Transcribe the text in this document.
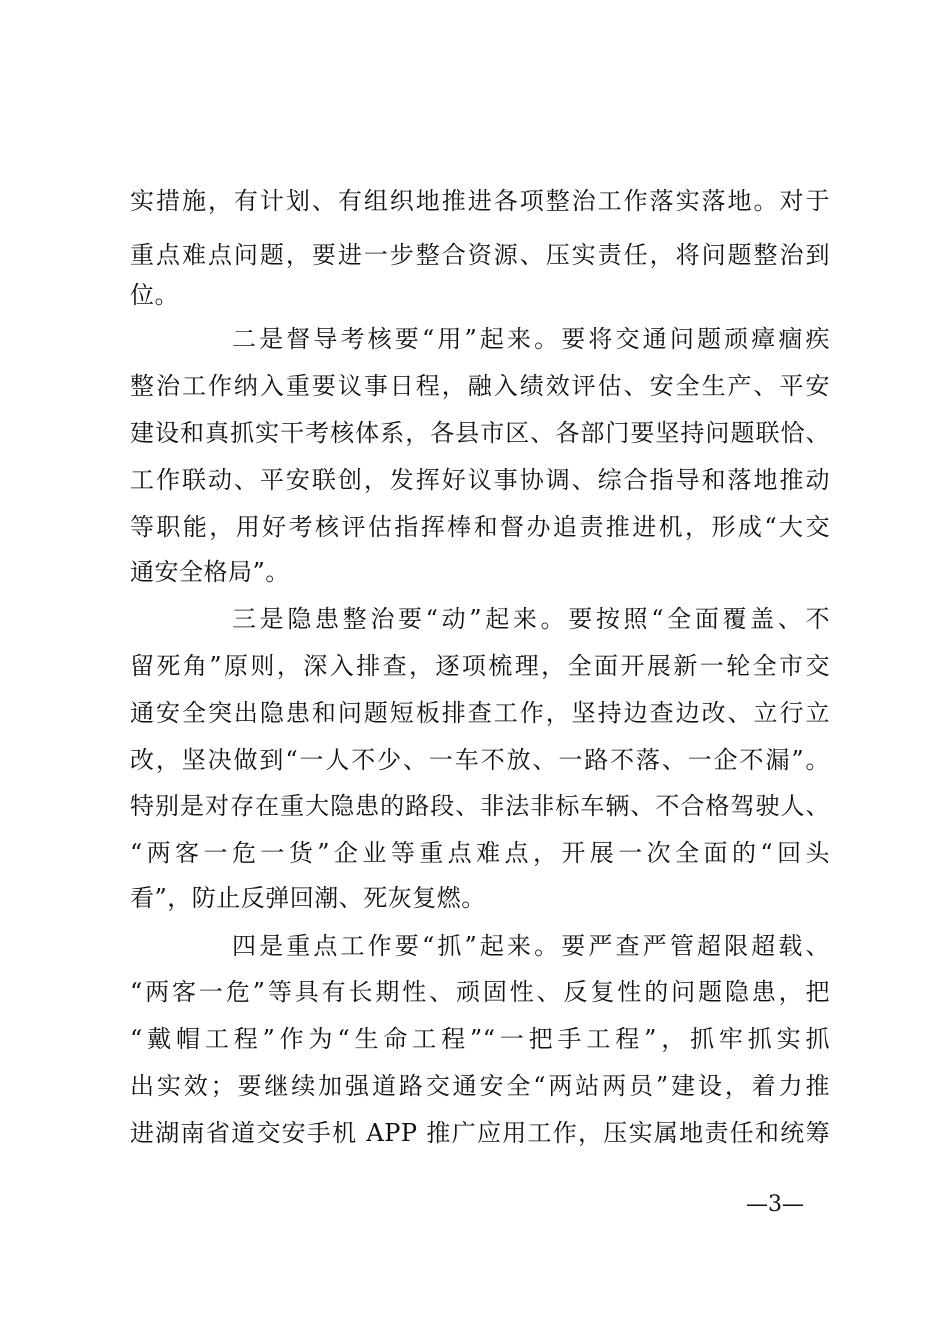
实措施，有计划、有组织地推进各项整治工作落实落地。对于
重点难点问题，要进一步整合资源、压实责任，将问题整治到
位。
二是督导考核要“用”起来。要将交通问题顽瘴痼疾
整治工作纳入重要议事日程，融入绩效评估、安全生产、平安
建设和真抓实干考核体系，各县市区、各部门要坚持问题联恰、
工作联动、平安联创，发挥好议事协调、综合指导和落地推动
等职能，用好考核评估指挥棒和督办追责推进机，形成“大交
通安全格局”。
三是隐患整治要“动”起来。要按照“全面覆盖、不
留死角”原则，深入排查，逐项梳理，全面开展新一轮全市交
通安全突出隐患和问题短板排查工作，坚持边查边改、立行立
改，坚决做到“一人不少、一车不放、一路不落、一企不漏”。
特别是对存在重大隐患的路段、非法非标车辆、不合格驾驶人、
“两客一危一货”企业等重点难点，开展一次全面的“回头
看”，防止反弹回潮、死灰复燃。
四是重点工作要“抓”起来。要严查严管超限超载、
“两客一危”等具有长期性、顽固性、反复性的问题隐患，把
“戴帽工程”作为“生命工程”“一把手工程”，抓牢抓实抓
出实效；要继续加强道路交通安全“两站两员”建设，着力推
进湖南省道交安手机 APP 推广应用工作，压实属地责任和统筹
—3—
